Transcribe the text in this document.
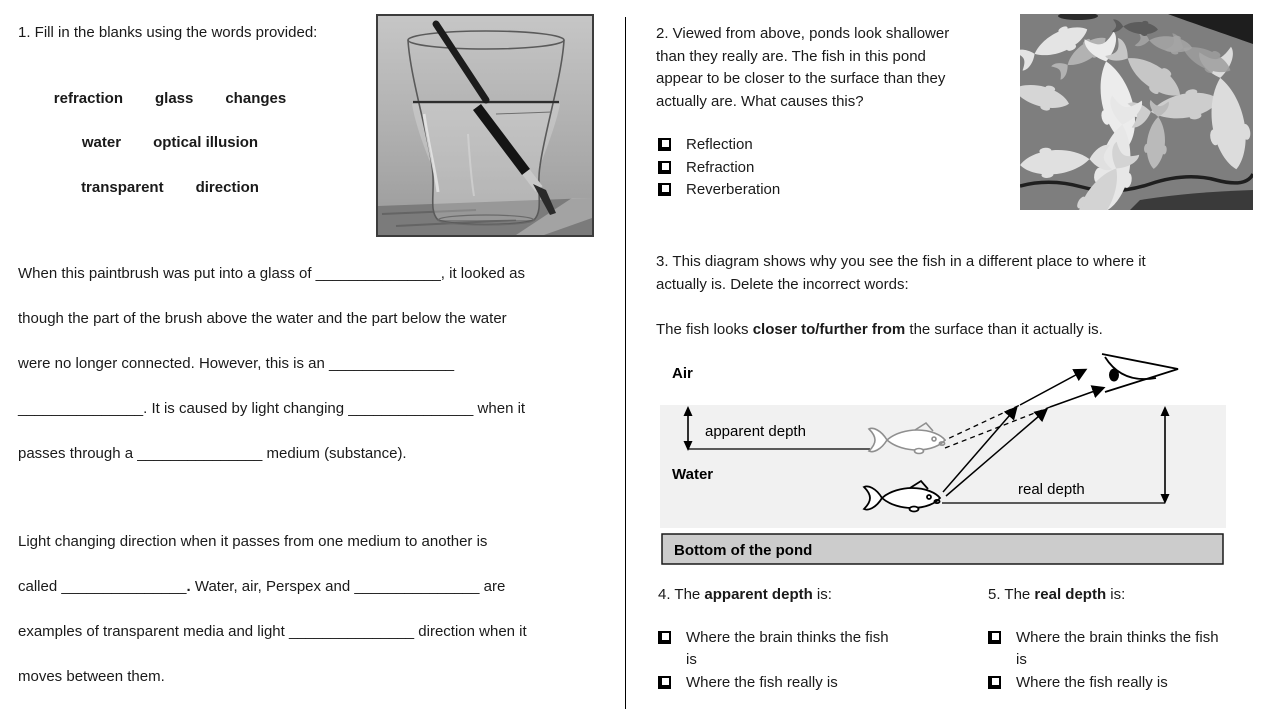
1. Fill in the blanks using the words provided:
refraction glass changes
water optical illusion
transparent direction
When this paintbrush was put into a glass of _______________, it looked as
though the part of the brush above the water and the part below the water
were no longer connected. However, this is an _______________
_______________. It is caused by light changing _______________ when it
passes through a _______________ medium (substance).
Light changing direction when it passes from one medium to another is
called _______________. Water, air, Perspex and _______________ are
examples of transparent media and light _______________ direction when it
moves between them.
2. Viewed from above, ponds look shallower
than they really are. The fish in this pond
appear to be closer to the surface than they
actually are. What causes this?
Reflection
Refraction
Reverberation
3. This diagram shows why you see the fish in a different place to where it
actually is. Delete the incorrect words:
The fish looks closer to/further from the surface than it actually is.
Air
Water
Bottom of the pond
apparent depth
real depth
4. The apparent depth is:
Where the brain thinks the fish is
Where the fish really is
5. The real depth is:
Where the brain thinks the fish is
Where the fish really is
